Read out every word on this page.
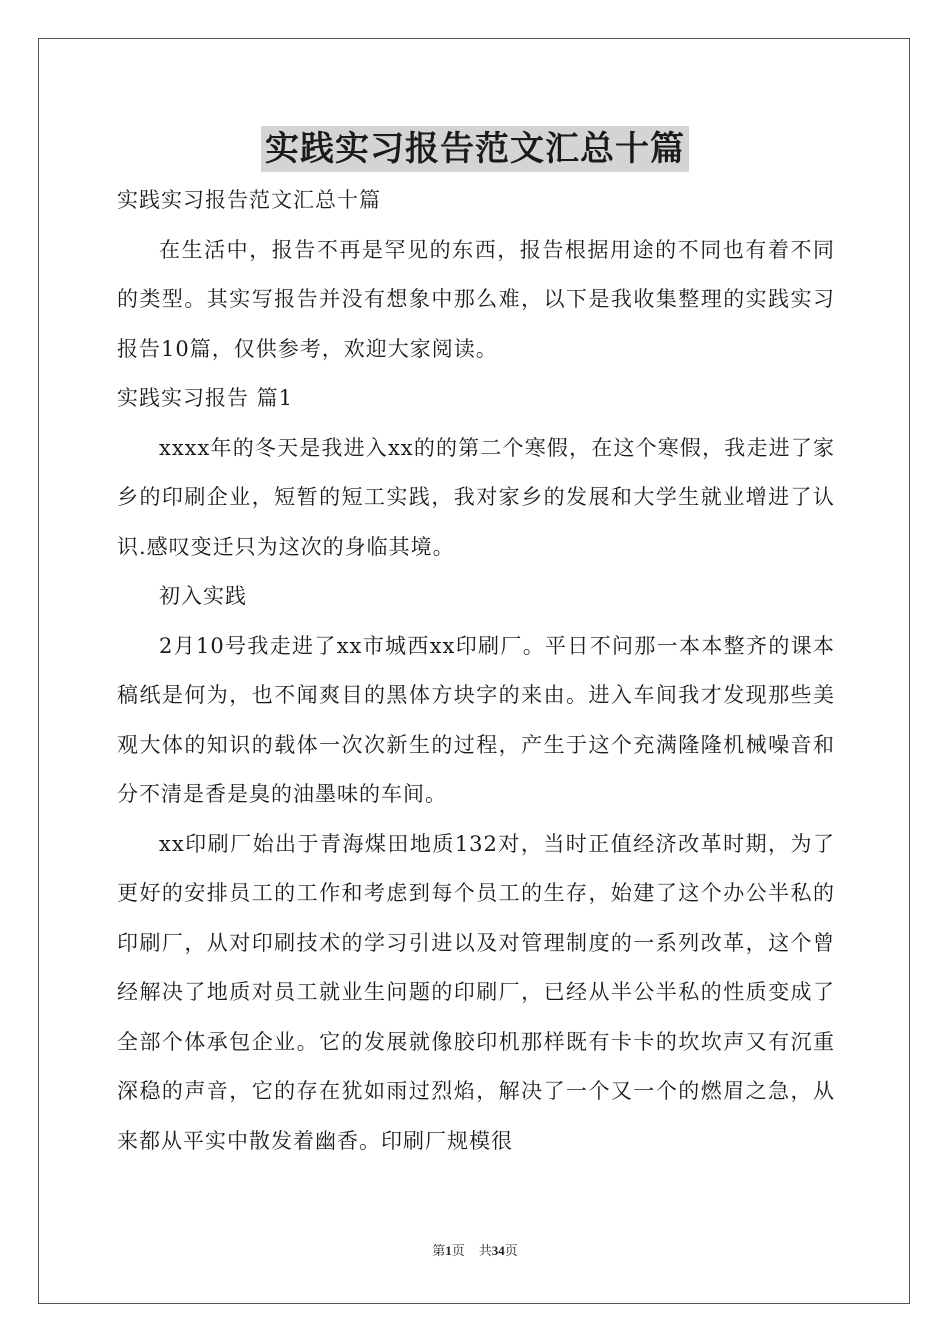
实践实习报告范文汇总十篇

实践实习报告范文汇总十篇

在生活中，报告不再是罕见的东西，报告根据用途的不同也有着不同的类型。其实写报告并没有想象中那么难，以下是我收集整理的实践实习报告10篇，仅供参考，欢迎大家阅读。

实践实习报告 篇1

xxxx年的冬天是我进入xx的的第二个寒假，在这个寒假，我走进了家乡的印刷企业，短暂的短工实践，我对家乡的发展和大学生就业增进了认识.感叹变迁只为这次的身临其境。

初入实践

2月10号我走进了xx市城西xx印刷厂。平日不问那一本本整齐的课本稿纸是何为，也不闻爽目的黑体方块字的来由。进入车间我才发现那些美观大体的知识的载体一次次新生的过程，产生于这个充满隆隆机械噪音和分不清是香是臭的油墨味的车间。

xx印刷厂始出于青海煤田地质132对，当时正值经济改革时期，为了更好的安排员工的工作和考虑到每个员工的生存，始建了这个办公半私的印刷厂，从对印刷技术的学习引进以及对管理制度的一系列改革，这个曾经解决了地质对员工就业生问题的印刷厂，已经从半公半私的性质变成了全部个体承包企业。它的发展就像胶印机那样既有卡卡的坎坎声又有沉重深稳的声音，它的存在犹如雨过烈焰，解决了一个又一个的燃眉之急，从来都从平实中散发着幽香。印刷厂规模很

第1页 共34页
